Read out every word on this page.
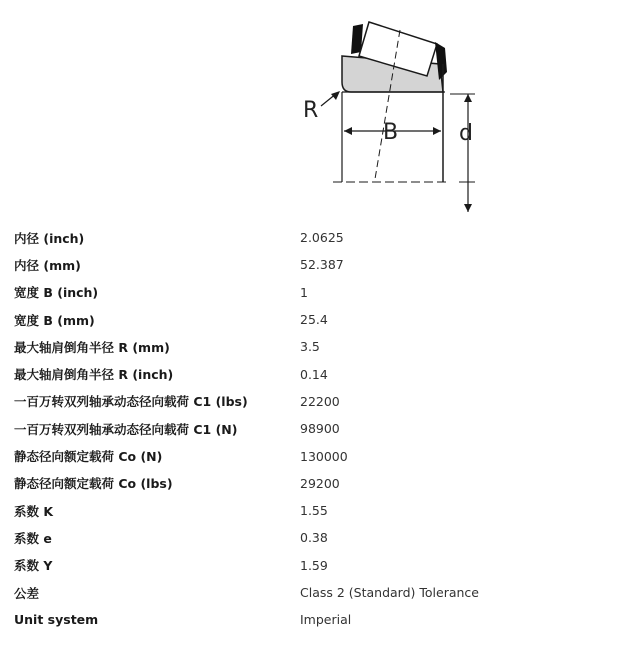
B
R
d
内径 (inch)	2.0625
内径 (mm)	52.387
宽度 B (inch)	1
宽度 B (mm)	25.4
最大轴肩倒角半径 R (mm)	3.5
最大轴肩倒角半径 R (inch)	0.14
一百万转双列轴承动态径向载荷 C1 (lbs)	22200
一百万转双列轴承动态径向载荷 C1 (N)	98900
静态径向额定载荷 Co (N)	130000
静态径向额定载荷 Co (lbs)	29200
系数 K	1.55
系数 e	0.38
系数 Y	1.59
公差	Class 2 (Standard) Tolerance
Unit system	Imperial
